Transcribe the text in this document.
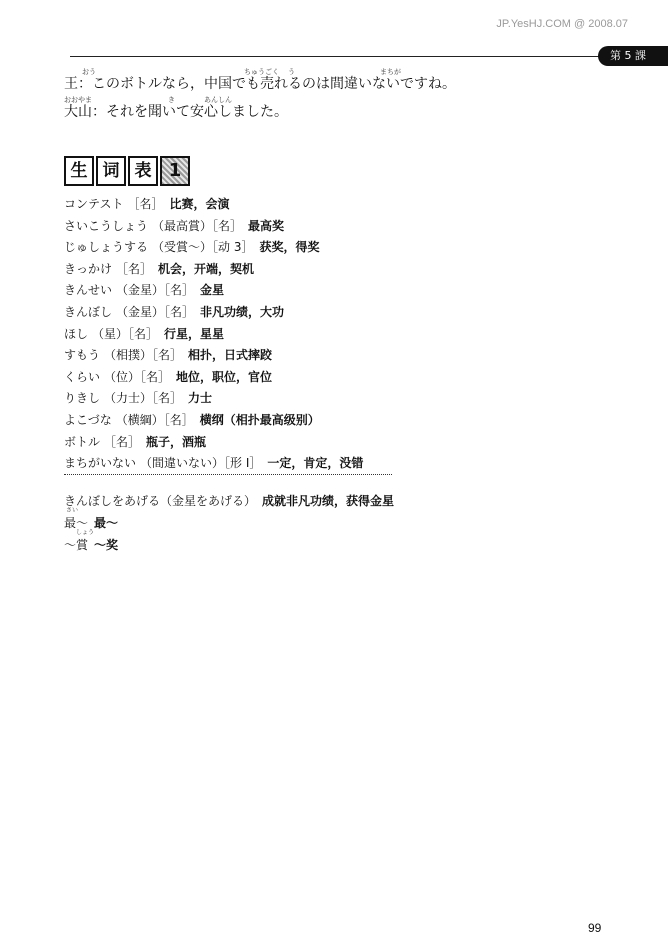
JP.YesHJ.COM @ 2008.07
第 5 課
おう	ちゅうごく う	まちが
王：このボトルなら，中国でも売れるのは間違いないですね。
おおやま	き	あんしん
大山：それを聞いて安心しました。
生 词 表 1
コンテスト ［名］ 比赛，会演
さいこうしょう （最高賞）［名］ 最高奖
じゅしょうする （受賞～）［动 3］ 获奖，得奖
きっかけ ［名］ 机会，开端，契机
きんせい （金星）［名］ 金星
きんぼし （金星）［名］ 非凡功绩，大功
ほし （星）［名］ 行星，星星
すもう （相撲）［名］ 相扑，日式摔跤
くらい （位）［名］ 地位，职位，官位
りきし （力士）［名］ 力士
よこづな （横綱）［名］ 横纲（相扑最高级别）
ボトル ［名］ 瓶子，酒瓶
まちがいない （間違いない）［形 I］ 一定，肯定，没错
きんぼしをあげる（金星をあげる） 成就非凡功绩，获得金星
さい
最～ 最～
しょう
～賞 ～奖
99
